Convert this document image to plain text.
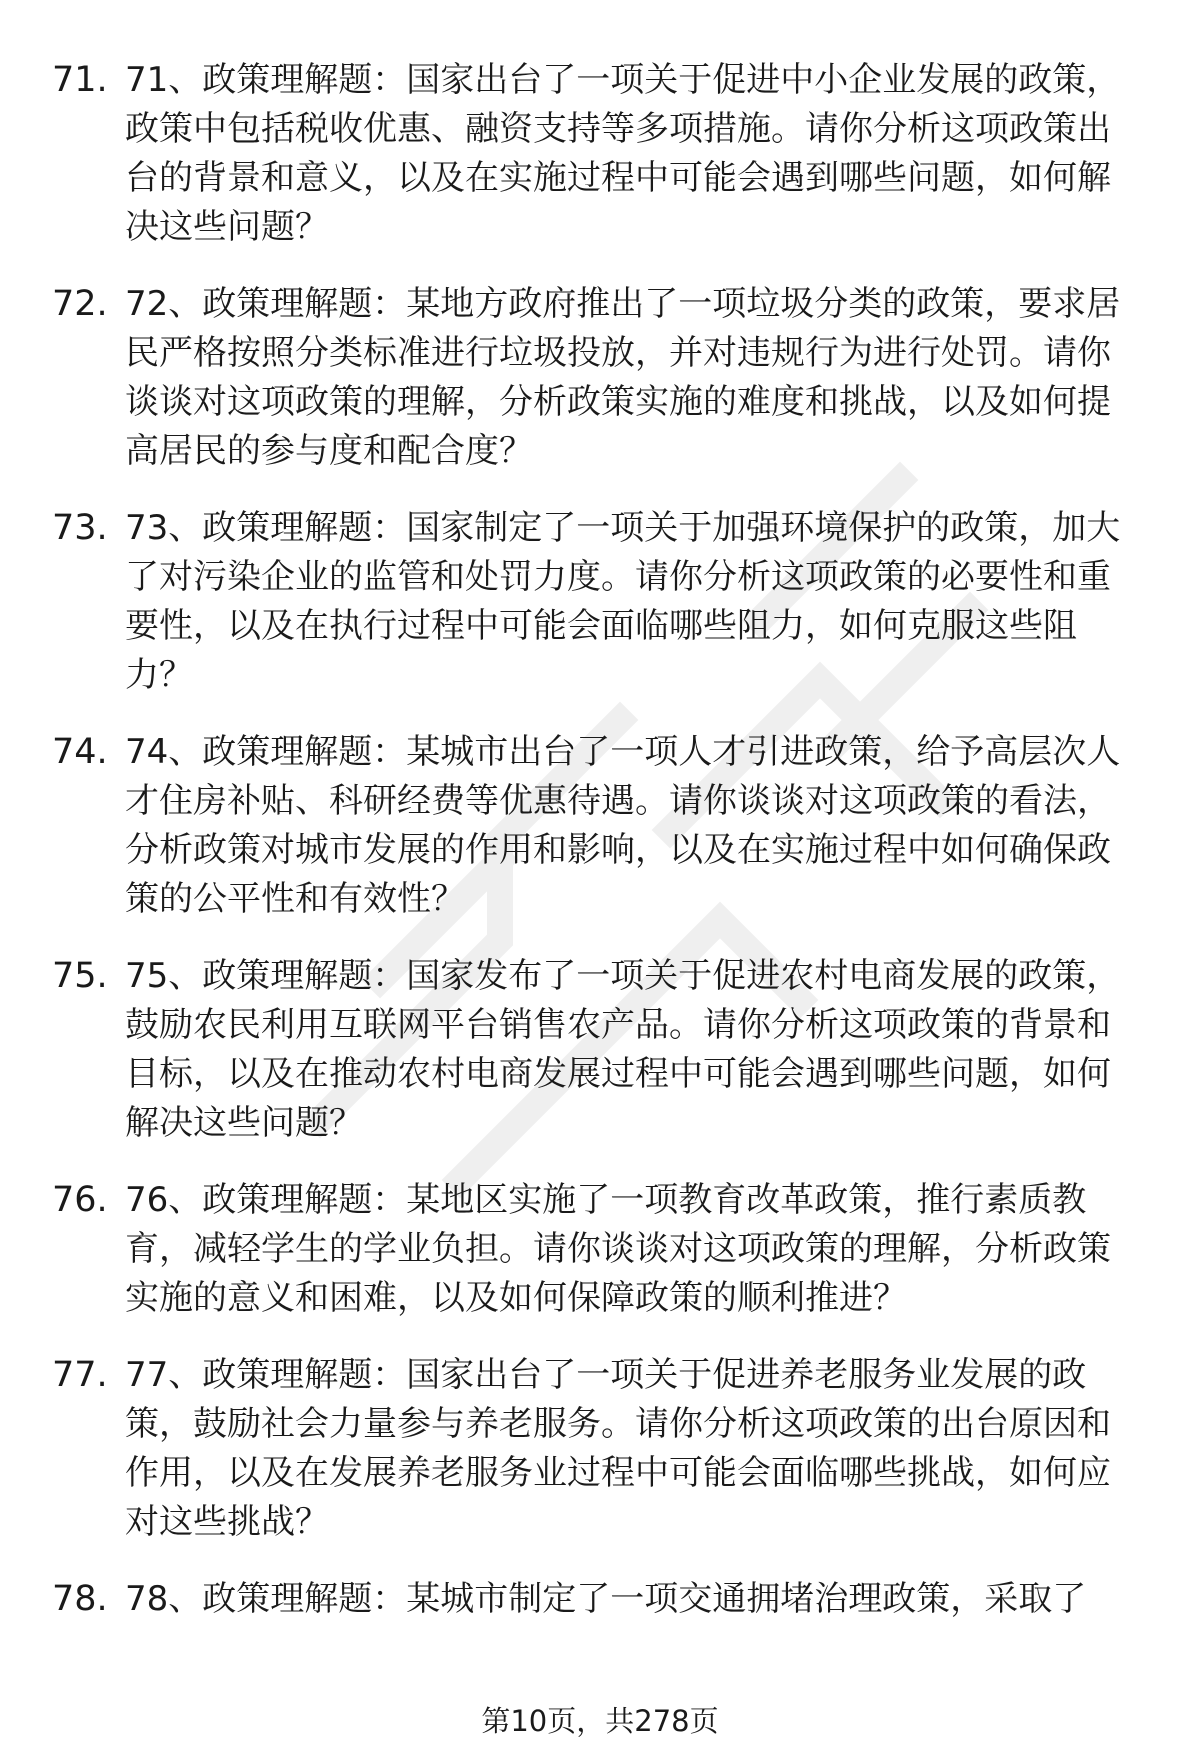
71. 71、政策理解题：国家出台了一项关于促进中小企业发展的政策，政策中包括税收优惠、融资支持等多项措施。请你分析这项政策出台的背景和意义，以及在实施过程中可能会遇到哪些问题，如何解决这些问题？
72. 72、政策理解题：某地方政府推出了一项垃圾分类的政策，要求居民严格按照分类标准进行垃圾投放，并对违规行为进行处罚。请你谈谈对这项政策的理解，分析政策实施的难度和挑战，以及如何提高居民的参与度和配合度？
73. 73、政策理解题：国家制定了一项关于加强环境保护的政策，加大了对污染企业的监管和处罚力度。请你分析这项政策的必要性和重要性，以及在执行过程中可能会面临哪些阻力，如何克服这些阻力？
74. 74、政策理解题：某城市出台了一项人才引进政策，给予高层次人才住房补贴、科研经费等优惠待遇。请你谈谈对这项政策的看法，分析政策对城市发展的作用和影响，以及在实施过程中如何确保政策的公平性和有效性？
75. 75、政策理解题：国家发布了一项关于促进农村电商发展的政策，鼓励农民利用互联网平台销售农产品。请你分析这项政策的背景和目标，以及在推动农村电商发展过程中可能会遇到哪些问题，如何解决这些问题？
76. 76、政策理解题：某地区实施了一项教育改革政策，推行素质教育，减轻学生的学业负担。请你谈谈对这项政策的理解，分析政策实施的意义和困难，以及如何保障政策的顺利推进？
77. 77、政策理解题：国家出台了一项关于促进养老服务业发展的政策，鼓励社会力量参与养老服务。请你分析这项政策的出台原因和作用，以及在发展养老服务业过程中可能会面临哪些挑战，如何应对这些挑战？
78. 78、政策理解题：某城市制定了一项交通拥堵治理政策，采取了
第10页，共278页
